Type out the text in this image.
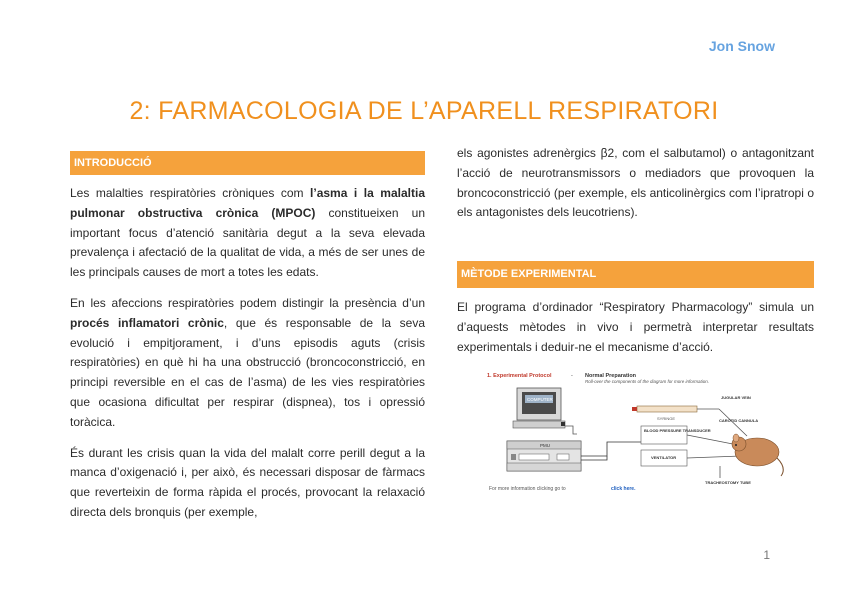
Jon Snow
2: FARMACOLOGIA DE L’APARELL RESPIRATORI
INTRODUCCIÓ

Les malalties respiratòries cròniques com l’asma i la malaltia pulmonar obstructiva crònica (MPOC) constitueixen un important focus d’atenció sanitària degut a la seva elevada prevalença i afectació de la qualitat de vida, a més de ser unes de les principals causes de mort a totes les edats.

En les afeccions respiratòries podem distingir la presència d’un procés inflamatori crònic, que és responsable de la seva evolució i empitjorament, i d’uns episodis aguts (crisis respiratòries) en què hi ha una obstrucció (broncoconstricció, en principi reversible en el cas de l’asma) de les vies respiratòries que ocasiona dificultat per respirar (dispnea), tos i opressió toràcica.

És durant les crisis quan la vida del malalt corre perill degut a la manca d’oxigenació i, per això, és necessari disposar de fàrmacs que reverteixin de forma ràpida el procés, provocant la relaxació directa dels bronquis (per exemple,

els agonistes adrenèrgics β2, com el salbutamol) o antagonitzant l’acció de neurotransmissors o mediadors que provoquen la broncoconstricció (per exemple, els anticolinèrgics com l’ipratropi o els antagonistes dels leucotriens).

MÈTODE EXPERIMENTAL

El programa d’ordinador “Respiratory Pharmacology” simula un d’aquests mètodes in vivo i permetrà interpretar resultats experimentals i deduir-ne el mecanisme d’acció.

1. Experimental Protocol	- Normal Preparation
Roll-over the components of the diagram for more information.
COMPUTER
PMU
SYRINGE
JUGULAR VEIN
BLOOD PRESSURE TRANSDUCER
CAROTID CANNULA
VENTILATOR
TRACHEOSTOMY TUBE
For more information clicking go to	click here.
1
